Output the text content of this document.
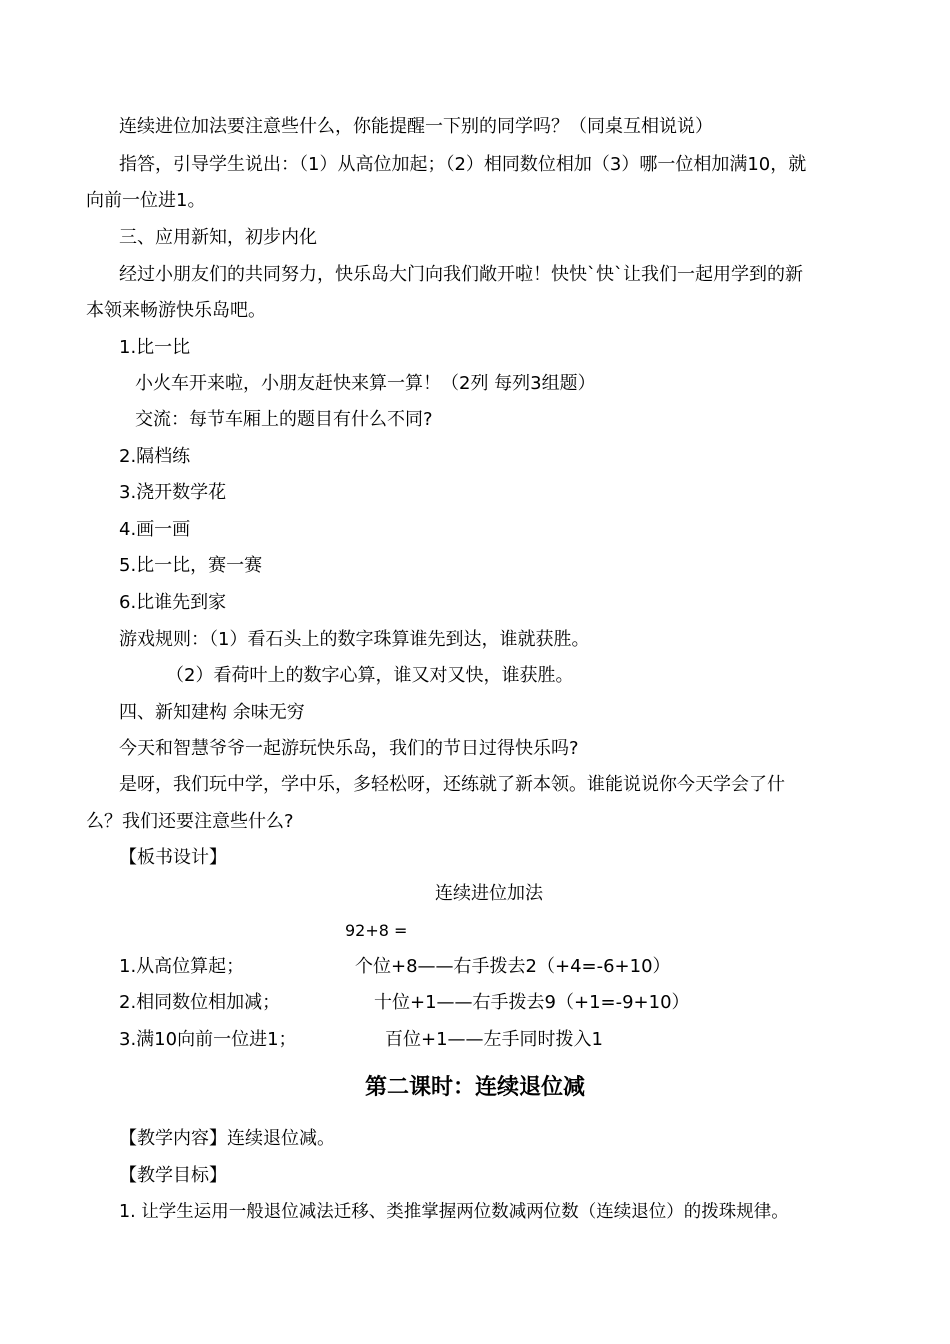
连续进位加法要注意些什么，你能提醒一下别的同学吗？（同桌互相说说）
指答，引导学生说出：（1）从高位加起；（2）相同数位相加（3）哪一位相加满10，就
向前一位进1。
三、应用新知，初步内化
经过小朋友们的共同努力，快乐岛大门向我们敞开啦！快快`快`让我们一起用学到的新
本领来畅游快乐岛吧。
1.比一比
小火车开来啦，小朋友赶快来算一算！（2列 每列3组题）
交流：每节车厢上的题目有什么不同?
2.隔档练
3.浇开数学花
4.画一画
5.比一比，赛一赛
6.比谁先到家
游戏规则：（1）看石头上的数字珠算谁先到达，谁就获胜。
（2）看荷叶上的数字心算，谁又对又快，谁获胜。
四、新知建构 余味无穷
今天和智慧爷爷一起游玩快乐岛，我们的节日过得快乐吗?
是呀，我们玩中学，学中乐，多轻松呀，还练就了新本领。谁能说说你今天学会了什
么？我们还要注意些什么?
【板书设计】
连续进位加法
92+8 =
1.从高位算起；	个位+8——右手拨去2（+4=-6+10）
2.相同数位相加减；	十位+1——右手拨去9（+1=-9+10）
3.满10向前一位进1；	百位+1——左手同时拨入1
第二课时：连续退位减
【教学内容】连续退位减。
【教学目标】
1. 让学生运用一般退位减法迁移、类推掌握两位数减两位数（连续退位）的拨珠规律。
